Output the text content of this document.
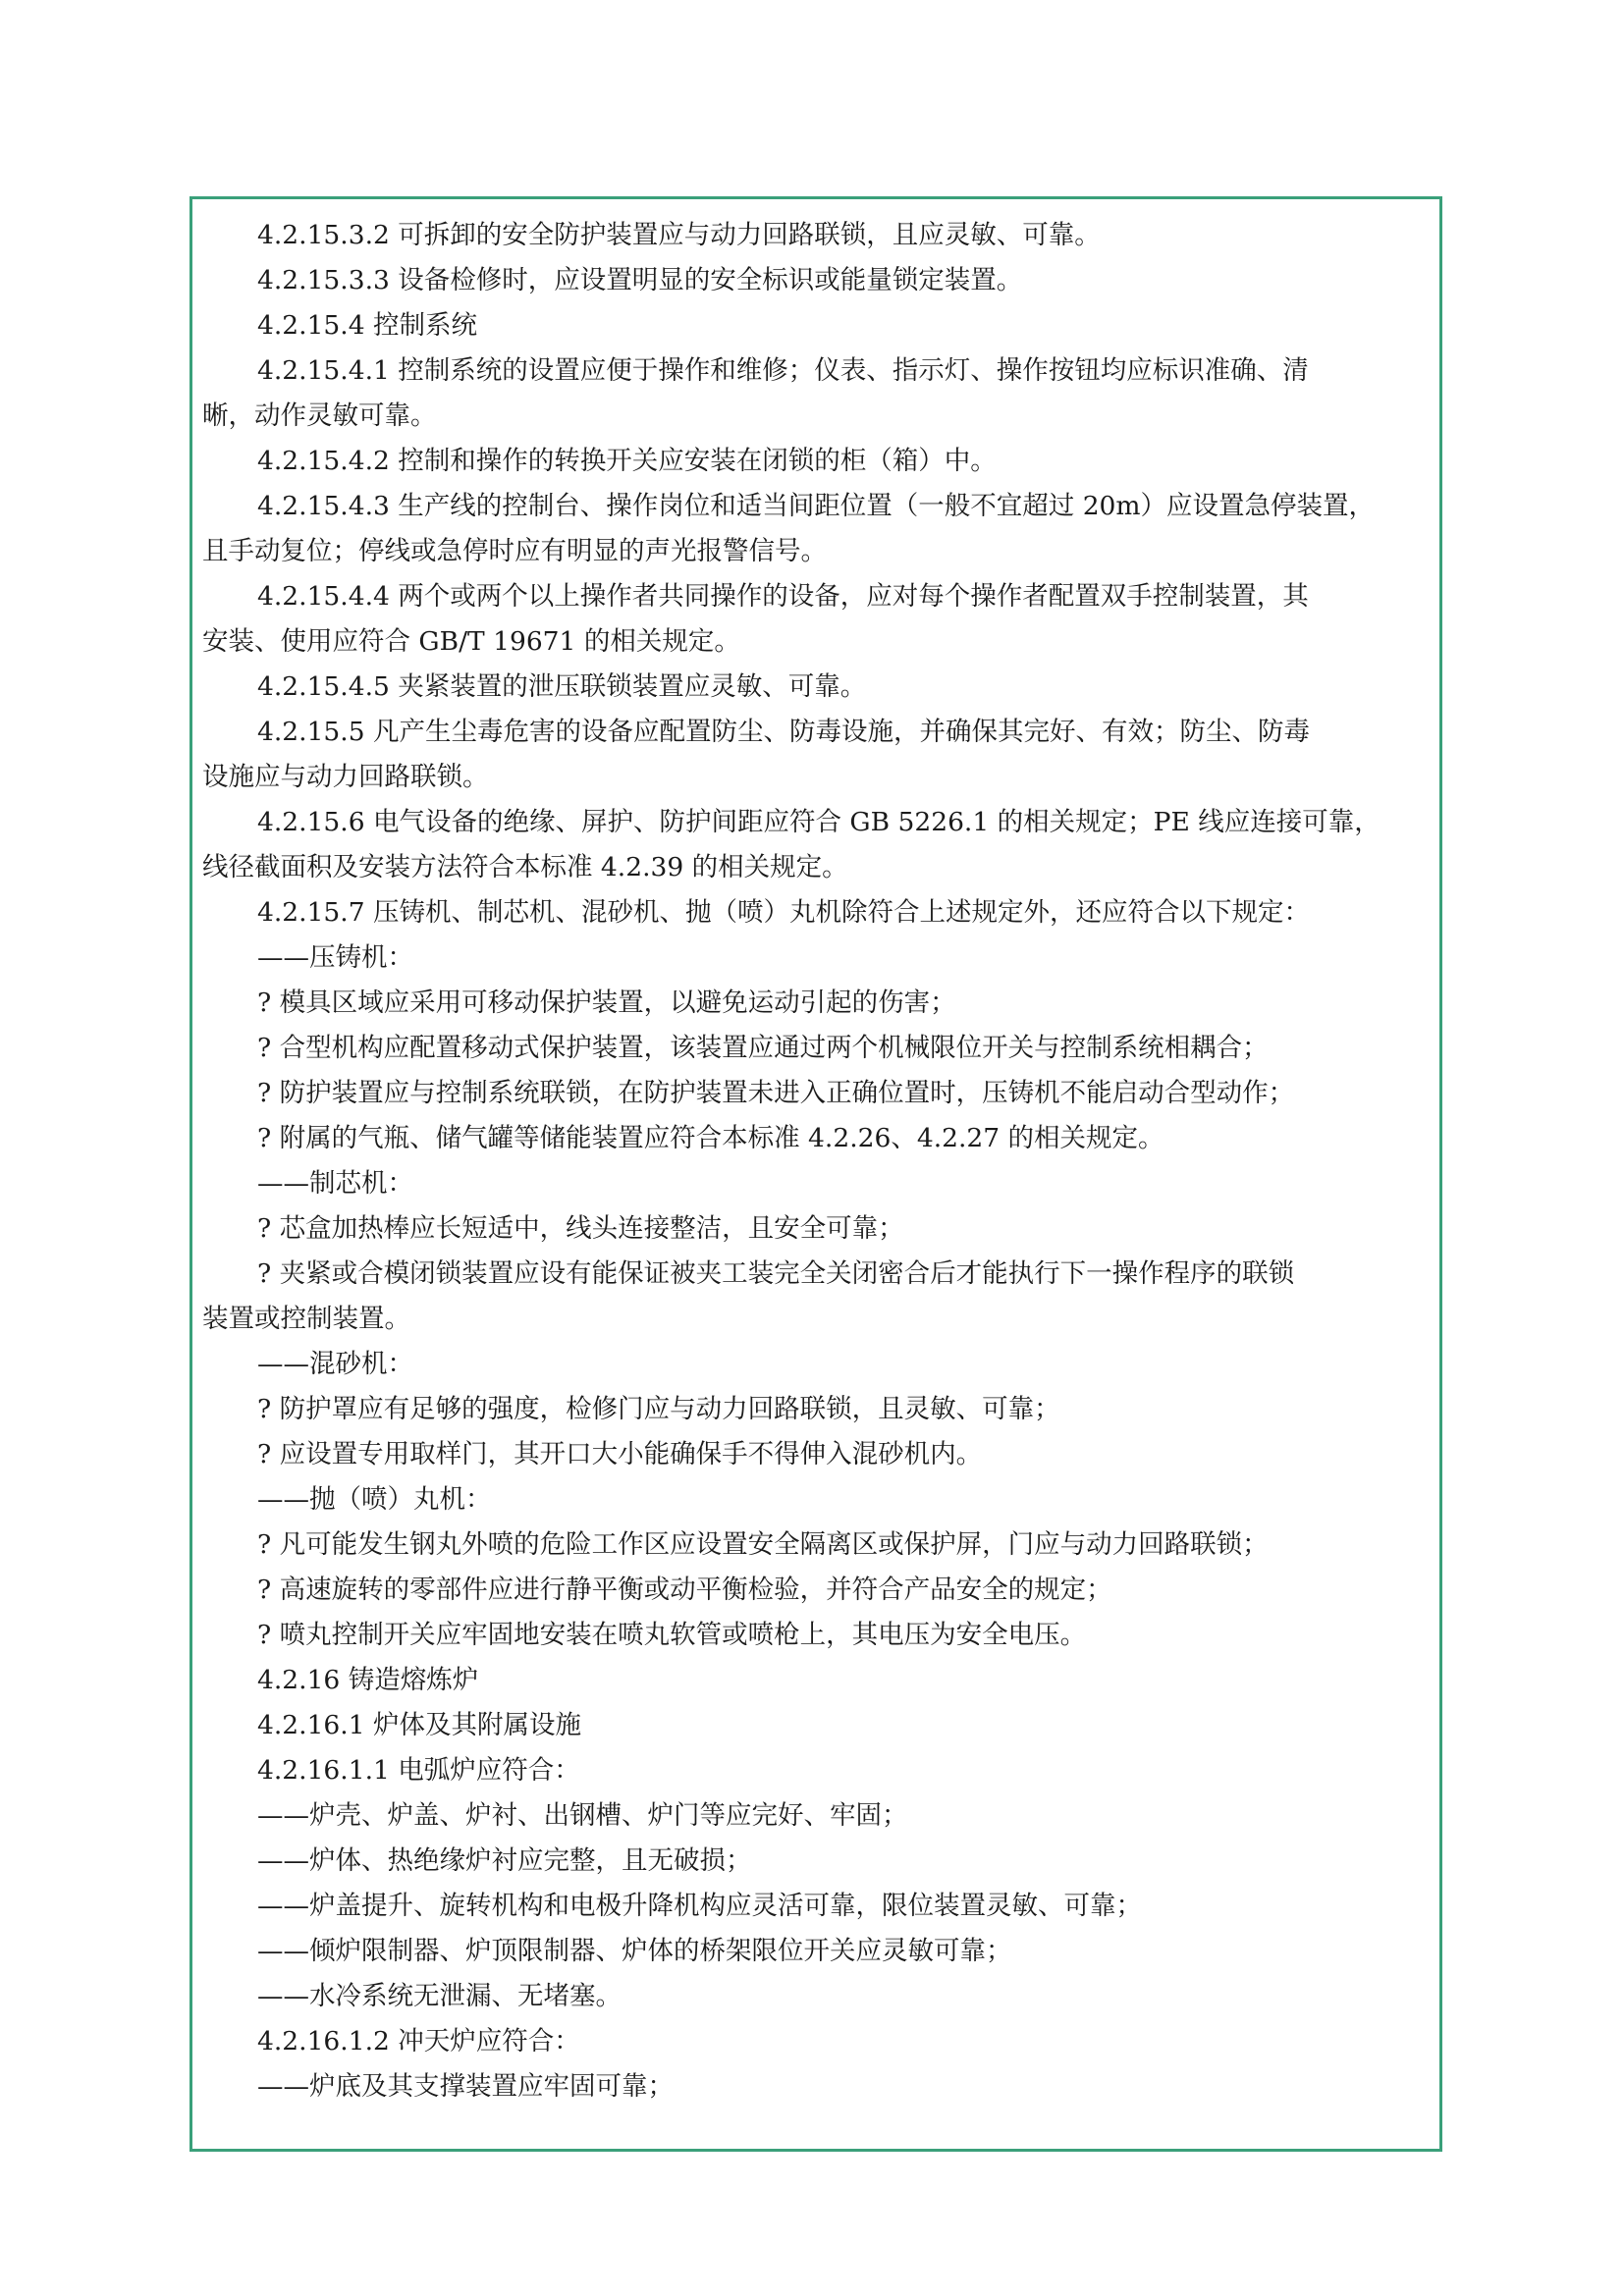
4.2.15.3.2 可拆卸的安全防护装置应与动力回路联锁，且应灵敏、可靠。
4.2.15.3.3 设备检修时，应设置明显的安全标识或能量锁定装置。
4.2.15.4 控制系统
4.2.15.4.1 控制系统的设置应便于操作和维修；仪表、指示灯、操作按钮均应标识准确、清
晰，动作灵敏可靠。
4.2.15.4.2 控制和操作的转换开关应安装在闭锁的柜（箱）中。
4.2.15.4.3 生产线的控制台、操作岗位和适当间距位置（一般不宜超过 20m）应设置急停装置，
且手动复位；停线或急停时应有明显的声光报警信号。
4.2.15.4.4 两个或两个以上操作者共同操作的设备，应对每个操作者配置双手控制装置，其
安装、使用应符合 GB/T 19671 的相关规定。
4.2.15.4.5 夹紧装置的泄压联锁装置应灵敏、可靠。
4.2.15.5 凡产生尘毒危害的设备应配置防尘、防毒设施，并确保其完好、有效；防尘、防毒
设施应与动力回路联锁。
4.2.15.6 电气设备的绝缘、屏护、防护间距应符合 GB 5226.1 的相关规定；PE 线应连接可靠，
线径截面积及安装方法符合本标准 4.2.39 的相关规定。
4.2.15.7 压铸机、制芯机、混砂机、抛（喷）丸机除符合上述规定外，还应符合以下规定：
——压铸机：
? 模具区域应采用可移动保护装置，以避免运动引起的伤害；
? 合型机构应配置移动式保护装置，该装置应通过两个机械限位开关与控制系统相耦合；
? 防护装置应与控制系统联锁，在防护装置未进入正确位置时，压铸机不能启动合型动作；
? 附属的气瓶、储气罐等储能装置应符合本标准 4.2.26、4.2.27 的相关规定。
——制芯机：
? 芯盒加热棒应长短适中，线头连接整洁，且安全可靠；
? 夹紧或合模闭锁装置应设有能保证被夹工装完全关闭密合后才能执行下一操作程序的联锁
装置或控制装置。
——混砂机：
? 防护罩应有足够的强度，检修门应与动力回路联锁，且灵敏、可靠；
? 应设置专用取样门，其开口大小能确保手不得伸入混砂机内。
——抛（喷）丸机：
? 凡可能发生钢丸外喷的危险工作区应设置安全隔离区或保护屏，门应与动力回路联锁；
? 高速旋转的零部件应进行静平衡或动平衡检验，并符合产品安全的规定；
? 喷丸控制开关应牢固地安装在喷丸软管或喷枪上，其电压为安全电压。
4.2.16 铸造熔炼炉
4.2.16.1 炉体及其附属设施
4.2.16.1.1 电弧炉应符合：
——炉壳、炉盖、炉衬、出钢槽、炉门等应完好、牢固；
——炉体、热绝缘炉衬应完整，且无破损；
——炉盖提升、旋转机构和电极升降机构应灵活可靠，限位装置灵敏、可靠；
——倾炉限制器、炉顶限制器、炉体的桥架限位开关应灵敏可靠；
——水冷系统无泄漏、无堵塞。
4.2.16.1.2 冲天炉应符合：
——炉底及其支撑装置应牢固可靠；
